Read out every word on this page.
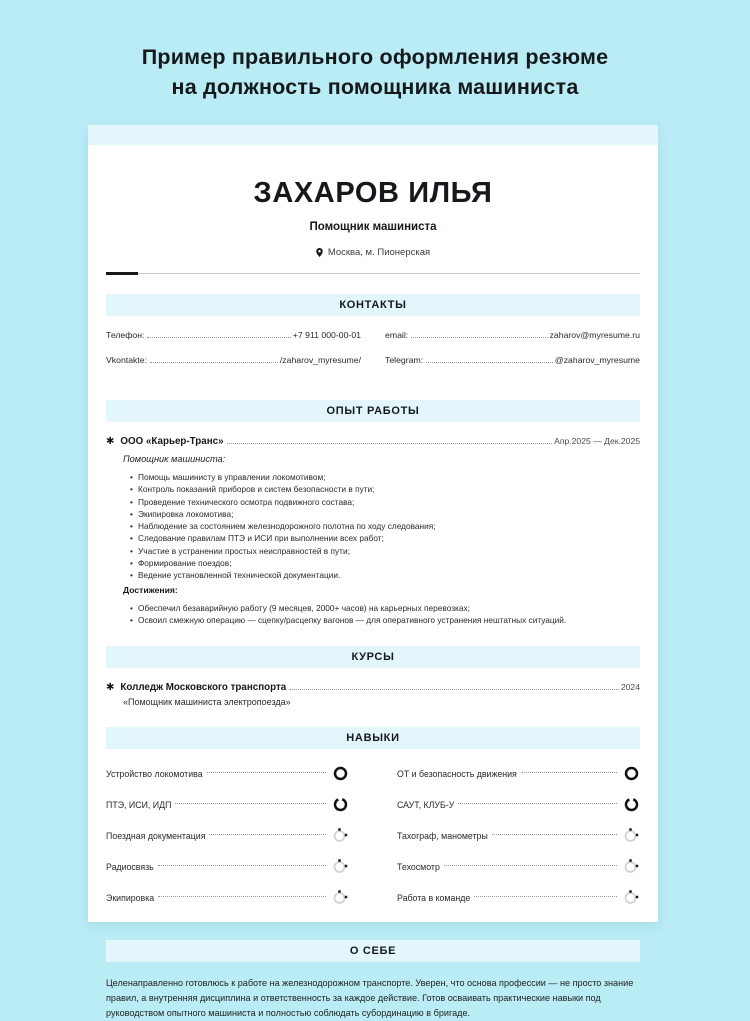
Пример правильного оформления резюме
на должность помощника машиниста
ЗАХАРОВ ИЛЬЯ
Помощник машиниста
Москва, м. Пионерская
КОНТАКТЫ
Телефон:	+7 911 000-00-01	email:	zaharov@myresume.ru
Vkontakte:	/zaharov_myresume/	Telegram:	@zaharov_myresume
ОПЫТ РАБОТЫ
✱ ООО «Карьер-Транс»	Апр.2025 — Дек.2025
Помощник машиниста:
• Помощь машинисту в управлении локомотивом;
• Контроль показаний приборов и систем безопасности в пути;
• Проведение технического осмотра подвижного состава;
• Экипировка локомотива;
• Наблюдение за состоянием железнодорожного полотна по ходу следования;
• Следование правилам ПТЭ и ИСИ при выполнении всех работ;
• Участие в устранении простых неисправностей в пути;
• Формирование поездов;
• Ведение установленной технической документации.
Достижения:
• Обеспечил безаварийную работу (9 месяцев, 2000+ часов) на карьерных перевозках;
• Освоил смежную операцию — сцепку/расцепку вагонов — для оперативного устранения нештатных ситуаций.
КУРСЫ
✱ Колледж Московского транспорта	2024
«Помощник машиниста электропоезда»
НАВЫКИ
Устройство локомотива	ОТ и безопасность движения
ПТЭ, ИСИ, ИДП	САУТ, КЛУБ-У
Поездная документация	Тахограф, манометры
Радиосвязь	Техосмотр
Экипировка	Работа в команде
О СЕБЕ
Целенаправленно готовлюсь к работе на железнодорожном транспорте. Уверен, что основа профессии — не просто знание правил, а внутренняя дисциплина и ответственность за каждое действие. Готов осваивать практические навыки под руководством опытного машиниста и полностью соблюдать субординацию в бригаде.
